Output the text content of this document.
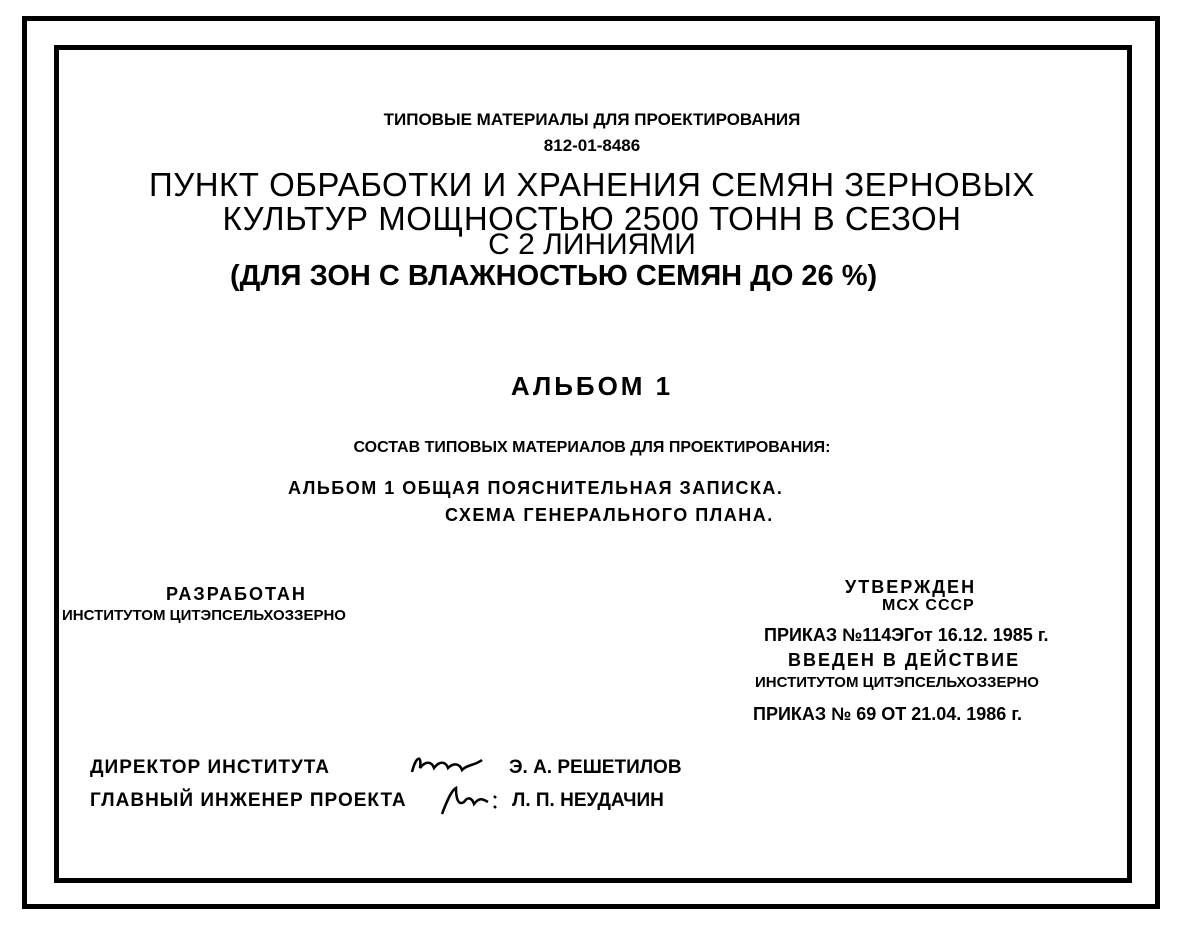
ТИПОВЫЕ МАТЕРИАЛЫ ДЛЯ ПРОЕКТИРОВАНИЯ
812-01-8486
ПУНКТ ОБРАБОТКИ И ХРАНЕНИЯ СЕМЯН ЗЕРНОВЫХ
КУЛЬТУР МОЩНОСТЬЮ 2500 ТОНН В СЕЗОН
С 2 ЛИНИЯМИ
(ДЛЯ ЗОН С ВЛАЖНОСТЬЮ СЕМЯН ДО 26 %)
АЛЬБОМ 1
СОСТАВ ТИПОВЫХ МАТЕРИАЛОВ ДЛЯ ПРОЕКТИРОВАНИЯ:
АЛЬБОМ 1 ОБЩАЯ ПОЯСНИТЕЛЬНАЯ ЗАПИСКА.
СХЕМА ГЕНЕРАЛЬНОГО ПЛАНА.
РАЗРАБОТАН
ИНСТИТУТОМ ЦИТЭПСЕЛЬХОЗЗЕРНО
УТВЕРЖДЕН
МСХ СССР
ПРИКАЗ №114ЭГот 16.12. 1985 г.
ВВЕДЕН В ДЕЙСТВИЕ
ИНСТИТУТОМ ЦИТЭПСЕЛЬХОЗЗЕРНО
ПРИКАЗ № 69 ОТ 21.04. 1986 г.
ДИРЕКТОР ИНСТИТУТА	Э. А. РЕШЕТИЛОВ
ГЛАВНЫЙ ИНЖЕНЕР ПРОЕКТА	Л. П. НЕУДАЧИН
